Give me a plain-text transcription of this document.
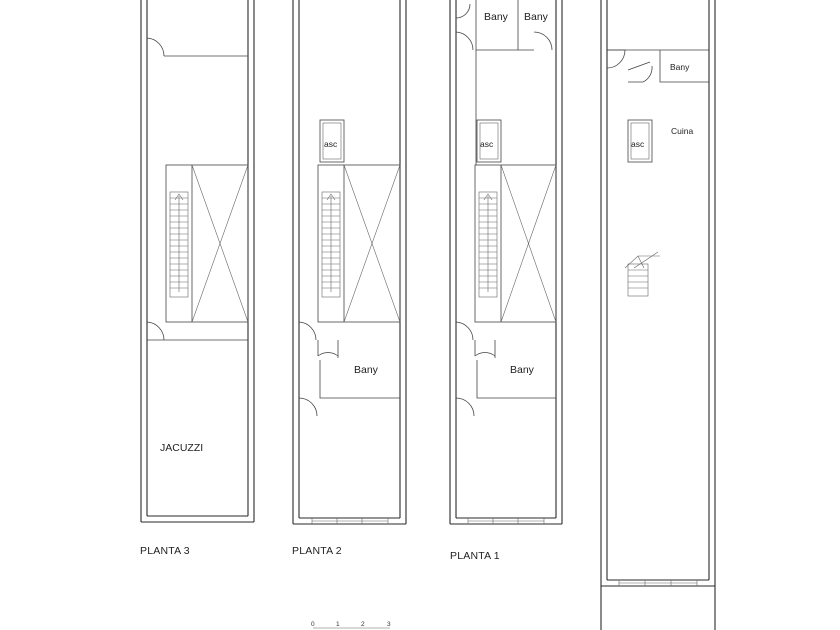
JACUZZI
PLANTA 3
asc
Bany
PLANTA 2
Bany Bany
asc
Bany
PLANTA 1
Bany
asc
Cuina
0	1	2	3
